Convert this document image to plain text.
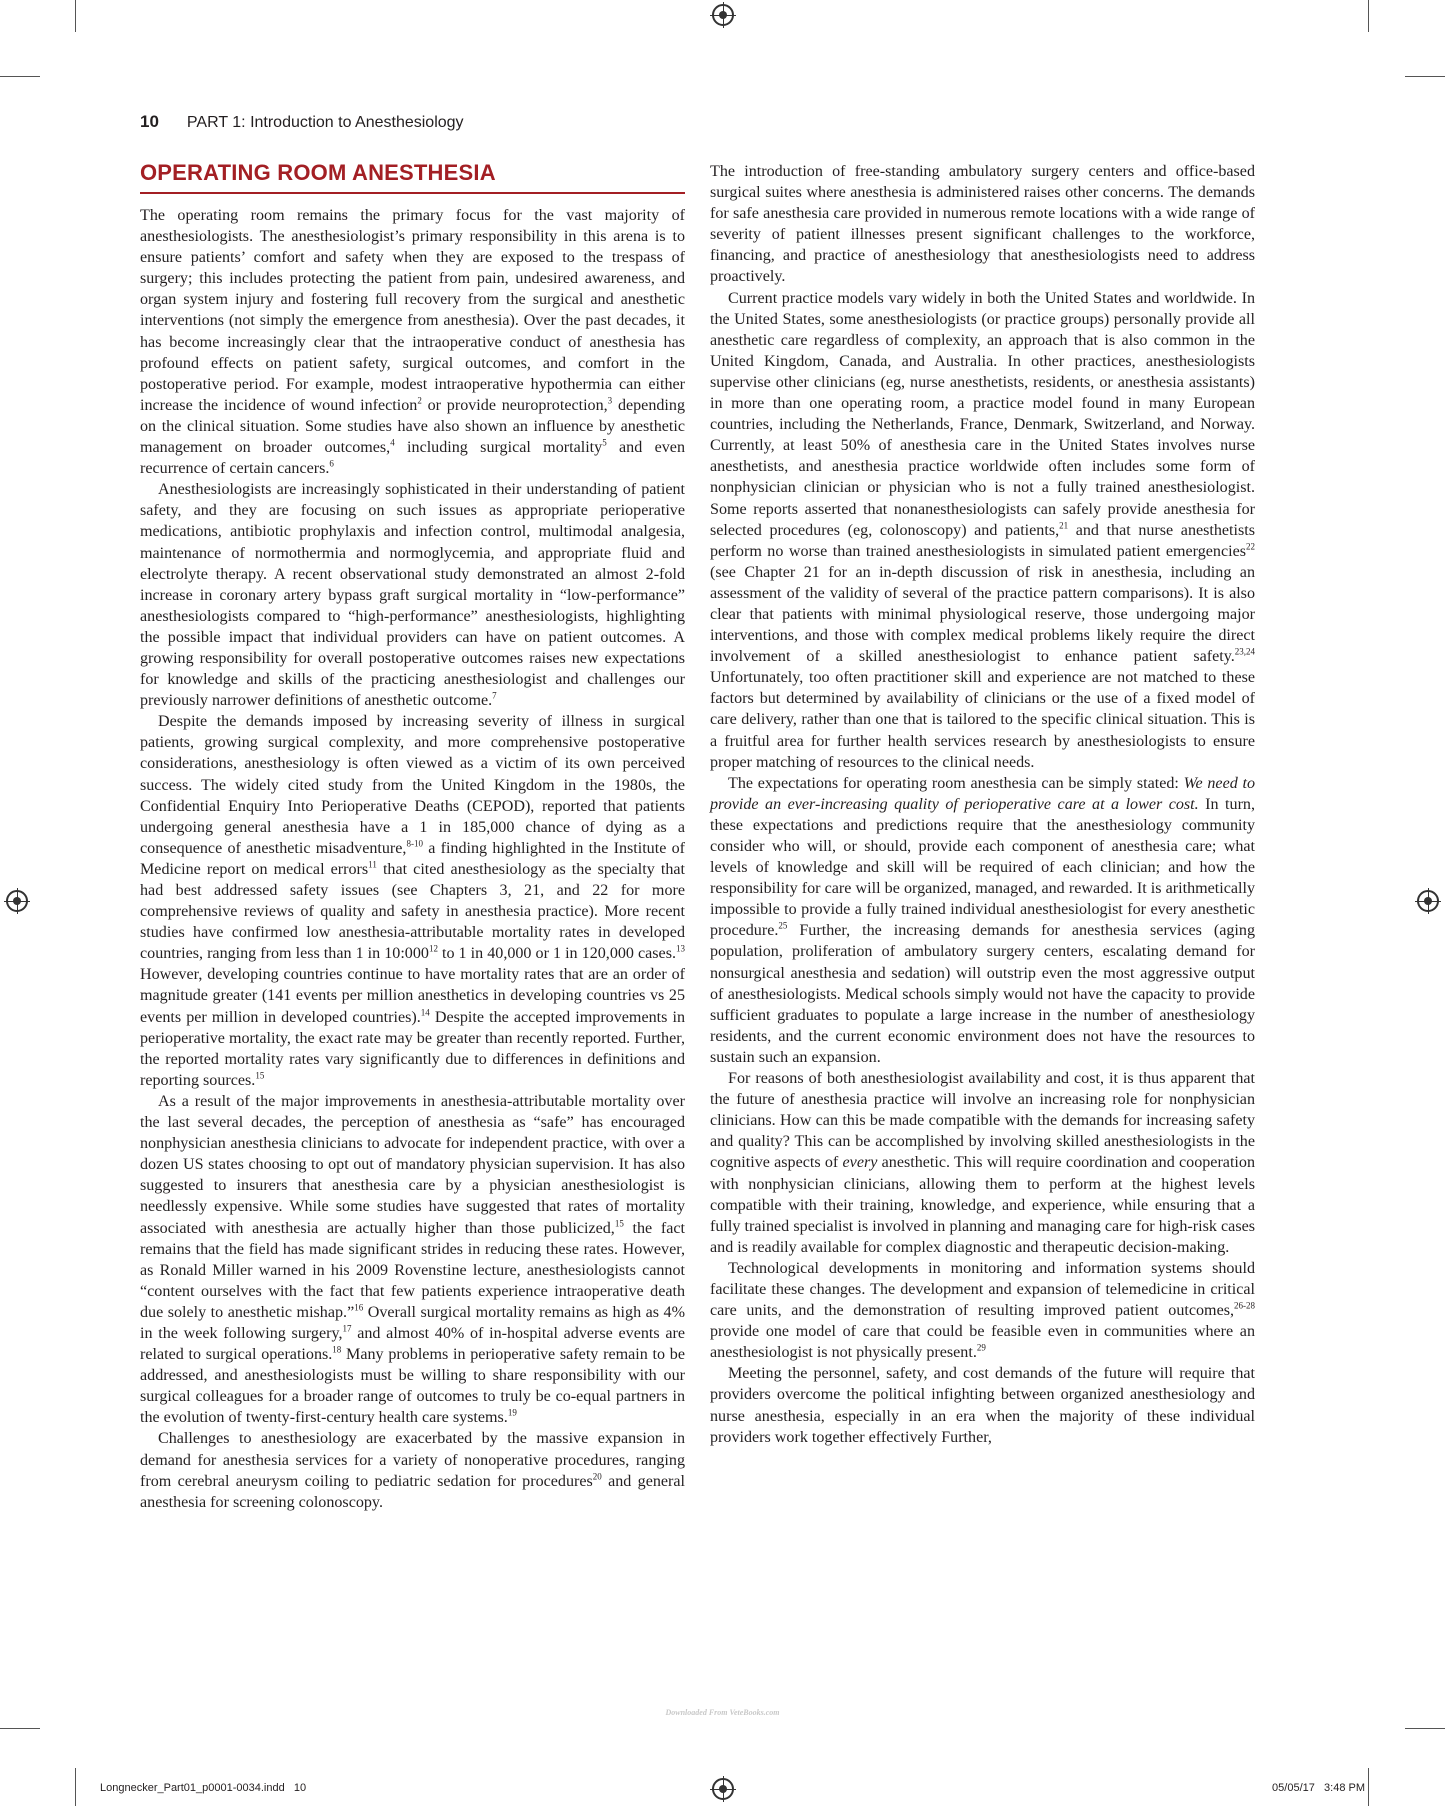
10 PART 1: Introduction to Anesthesiology
OPERATING ROOM ANESTHESIA

The operating room remains the primary focus for the vast majority of anesthesiologists. The anesthesiologist’s primary responsibility in this arena is to ensure patients’ comfort and safety when they are exposed to the trespass of surgery; this includes protecting the patient from pain, undesired awareness, and organ system injury and fostering full recovery from the surgical and anesthetic interventions (not simply the emergence from anesthesia). Over the past decades, it has become increasingly clear that the intraoperative conduct of anesthesia has profound effects on patient safety, surgical outcomes, and comfort in the postoperative period. For example, modest intraoperative hypothermia can either increase the incidence of wound infection$^2$ or provide neuroprotection,$^3$ depending on the clinical situation. Some studies have also shown an influence by anesthetic management on broader outcomes,$^4$ including surgical mortality$^5$ and even recurrence of certain cancers.$^6$

Anesthesiologists are increasingly sophisticated in their understanding of patient safety, and they are focusing on such issues as appropriate perioperative medications, antibiotic prophylaxis and infection control, multimodal analgesia, maintenance of normothermia and normoglycemia, and appropriate fluid and electrolyte therapy. A recent observational study demonstrated an almost 2-fold increase in coronary artery bypass graft surgical mortality in “low-performance” anesthesiologists compared to “high-performance” anesthesiologists, highlighting the possible impact that individual providers can have on patient outcomes. A growing responsibility for overall postoperative outcomes raises new expectations for knowledge and skills of the practicing anesthesiologist and challenges our previously narrower definitions of anesthetic outcome.$^7$

Despite the demands imposed by increasing severity of illness in surgical patients, growing surgical complexity, and more comprehensive postoperative considerations, anesthesiology is often viewed as a victim of its own perceived success. The widely cited study from the United Kingdom in the 1980s, the Confidential Enquiry Into Perioperative Deaths (CEPOD), reported that patients undergoing general anesthesia have a 1 in 185,000 chance of dying as a consequence of anesthetic misadventure,$^{8-10}$ a finding highlighted in the Institute of Medicine report on medical errors$^{11}$ that cited anesthesiology as the specialty that had best addressed safety issues (see Chapters 3, 21, and 22 for more comprehensive reviews of quality and safety in anesthesia practice). More recent studies have confirmed low anesthesia-attributable mortality rates in developed countries, ranging from less than 1 in $10:000^{12}$ to 1 in 40,000 or 1 in 120,000 cases.$^{13}$ However, developing countries continue to have mortality rates that are an order of magnitude greater (141 events per million anesthetics in developing countries vs 25 events per million in developed countries).$^{14}$ Despite the accepted improvements in perioperative mortality, the exact rate may be greater than recently reported. Further, the reported mortality rates vary significantly due to differences in definitions and reporting sources.$^{15}$

As a result of the major improvements in anesthesia-attributable mortality over the last several decades, the perception of anesthesia as “safe” has encouraged nonphysician anesthesia clinicians to advocate for independent practice, with over a dozen US states choosing to opt out of mandatory physician supervision. It has also suggested to insurers that anesthesia care by a physician anesthesiologist is needlessly expensive. While some studies have suggested that rates of mortality associated with anesthesia are actually higher than those publicized,$^{15}$ the fact remains that the field has made significant strides in reducing these rates. However, as Ronald Miller warned in his 2009 Rovenstine lecture, anesthesiologists cannot “content ourselves with the fact that few patients experience intraoperative death due solely to anesthetic mishap.”$^{16}$ Overall surgical mortality remains as high as 4% in the week following surgery,$^{17}$ and almost 40% of in-hospital adverse events are related to surgical operations.$^{18}$ Many problems in perioperative safety remain to be addressed, and anesthesiologists must be willing to share responsibility with our surgical colleagues for a broader range of outcomes to truly be co-equal partners in the evolution of twenty-first-century health care systems.$^{19}$

Challenges to anesthesiology are exacerbated by the massive expansion in demand for anesthesia services for a variety of nonoperative procedures, ranging from cerebral aneurysm coiling to pediatric sedation for procedures$^{20}$ and general anesthesia for screening colonoscopy.

The introduction of free-standing ambulatory surgery centers and office-based surgical suites where anesthesia is administered raises other concerns. The demands for safe anesthesia care provided in numerous remote locations with a wide range of severity of patient illnesses present significant challenges to the workforce, financing, and practice of anesthesiology that anesthesiologists need to address proactively.

Current practice models vary widely in both the United States and worldwide. In the United States, some anesthesiologists (or practice groups) personally provide all anesthetic care regardless of complexity, an approach that is also common in the United Kingdom, Canada, and Australia. In other practices, anesthesiologists supervise other clinicians (eg, nurse anesthetists, residents, or anesthesia assistants) in more than one operating room, a practice model found in many European countries, including the Netherlands, France, Denmark, Switzerland, and Norway. Currently, at least 50% of anesthesia care in the United States involves nurse anesthetists, and anesthesia practice worldwide often includes some form of nonphysician clinician or physician who is not a fully trained anesthesiologist. Some reports asserted that nonanesthesiologists can safely provide anesthesia for selected procedures (eg, colonoscopy) and patients,$^{21}$ and that nurse anesthetists perform no worse than trained anesthesiologists in simulated patient emergencies$^{22}$ (see Chapter 21 for an in-depth discussion of risk in anesthesia, including an assessment of the validity of several of the practice pattern comparisons). It is also clear that patients with minimal physiological reserve, those undergoing major interventions, and those with complex medical problems likely require the direct involvement of a skilled anesthesiologist to enhance patient safety.$^{23,24}$ Unfortunately, too often practitioner skill and experience are not matched to these factors but determined by availability of clinicians or the use of a fixed model of care delivery, rather than one that is tailored to the specific clinical situation. This is a fruitful area for further health services research by anesthesiologists to ensure proper matching of resources to the clinical needs.

The expectations for operating room anesthesia can be simply stated: We need to provide an ever-increasing quality of perioperative care at a lower cost. In turn, these expectations and predictions require that the anesthesiology community consider who will, or should, provide each component of anesthesia care; what levels of knowledge and skill will be required of each clinician; and how the responsibility for care will be organized, managed, and rewarded. It is arithmetically impossible to provide a fully trained individual anesthesiologist for every anesthetic procedure.$^{25}$ Further, the increasing demands for anesthesia services (aging population, proliferation of ambulatory surgery centers, escalating demand for nonsurgical anesthesia and sedation) will outstrip even the most aggressive output of anesthesiologists. Medical schools simply would not have the capacity to provide sufficient graduates to populate a large increase in the number of anesthesiology residents, and the current economic environment does not have the resources to sustain such an expansion.

For reasons of both anesthesiologist availability and cost, it is thus apparent that the future of anesthesia practice will involve an increasing role for nonphysician clinicians. How can this be made compatible with the demands for increasing safety and quality? This can be accomplished by involving skilled anesthesiologists in the cognitive aspects of every anesthetic. This will require coordination and cooperation with nonphysician clinicians, allowing them to perform at the highest levels compatible with their training, knowledge, and experience, while ensuring that a fully trained specialist is involved in planning and managing care for high-risk cases and is readily available for complex diagnostic and therapeutic decision-making.

Technological developments in monitoring and information systems should facilitate these changes. The development and expansion of telemedicine in critical care units, and the demonstration of resulting improved patient outcomes,$^{26-28}$ provide one model of care that could be feasible even in communities where an anesthesiologist is not physically present.$^{29}$

Meeting the personnel, safety, and cost demands of the future will require that providers overcome the political infighting between organized anesthesiology and nurse anesthesia, especially in an era when the majority of these individual providers work together effectively Further,

Downloaded From VeteBooks.com
Longnecker_Part01_p0001-0034.indd   10	05/05/17   3:48 PM
